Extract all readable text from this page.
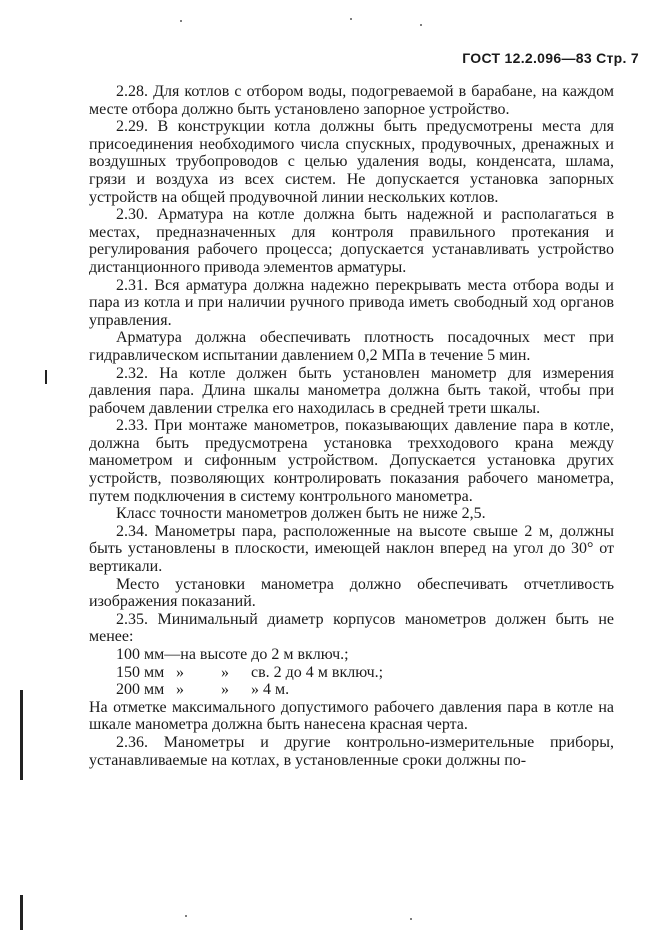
ГОСТ 12.2.096—83 Стр. 7

2.28. Для котлов с отбором воды, подогреваемой в барабане, на каждом месте отбора должно быть установлено запорное устройство.

2.29. В конструкции котла должны быть предусмотрены места для присоединения необходимого числа спускных, продувочных, дренажных и воздушных трубопроводов с целью удаления воды, конденсата, шлама, грязи и воздуха из всех систем. Не допускается установка запорных устройств на общей продувочной линии нескольких котлов.

2.30. Арматура на котле должна быть надежной и располагаться в местах, предназначенных для контроля правильного протекания и регулирования рабочего процесса; допускается устанавливать устройство дистанционного привода элементов арматуры.

2.31. Вся арматура должна надежно перекрывать места отбора воды и пара из котла и при наличии ручного привода иметь свободный ход органов управления.

Арматура должна обеспечивать плотность посадочных мест при гидравлическом испытании давлением 0,2 МПа в течение 5 мин.

2.32. На котле должен быть установлен манометр для измерения давления пара. Длина шкалы манометра должна быть такой, чтобы при рабочем давлении стрелка его находилась в средней трети шкалы.

2.33. При монтаже манометров, показывающих давление пара в котле, должна быть предусмотрена установка трехходового крана между манометром и сифонным устройством. Допускается установка других устройств, позволяющих контролировать показания рабочего манометра, путем подключения в систему контрольного манометра.

Класс точности манометров должен быть не ниже 2,5.

2.34. Манометры пара, расположенные на высоте свыше 2 м, должны быть установлены в плоскости, имеющей наклон вперед на угол до 30° от вертикали.

Место установки манометра должно обеспечивать отчетливость изображения показаний.

2.35. Минимальный диаметр корпусов манометров должен быть не менее:

100 мм—на высоте до 2 м включ.;

150 мм » » св. 2 до 4 м включ.;

200 мм » » » 4 м.

На отметке максимального допустимого рабочего давления пара в котле на шкале манометра должна быть нанесена красная черта.

2.36. Манометры и другие контрольно-измерительные приборы, устанавливаемые на котлах, в установленные сроки должны по-
